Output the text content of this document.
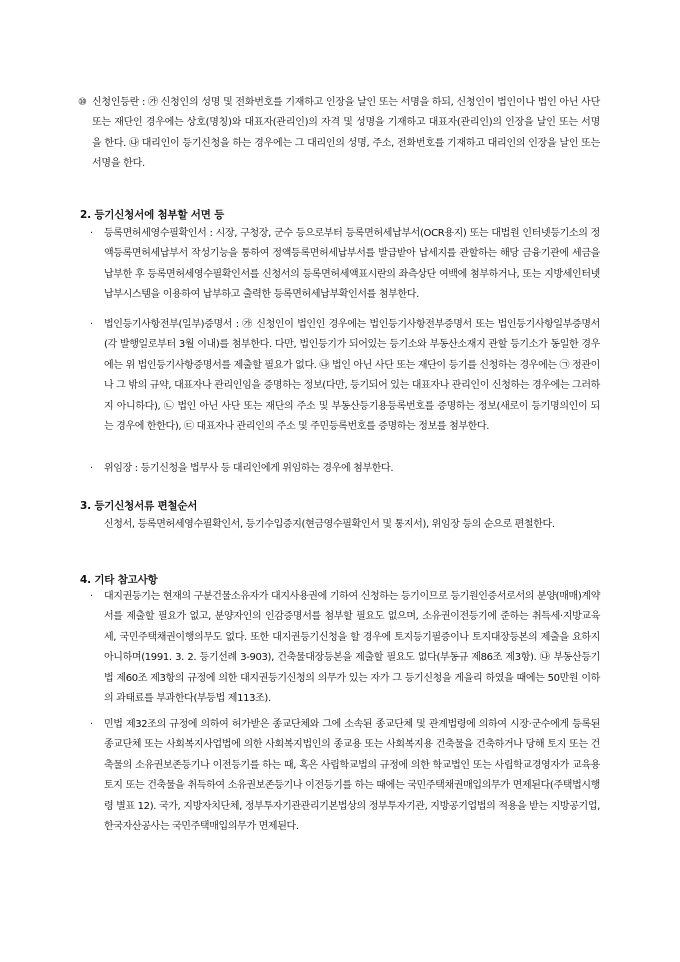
⑩ 신청인등란 : ㉮ 신청인의 성명 및 전화번호를 기재하고 인장을 날인 또는 서명을 하되, 신청인이 법인이나 법인 아닌 사단 또는 재단인 경우에는 상호(명칭)와 대표자(관리인)의 자격 및 성명을 기재하고 대표자(관리인)의 인장을 날인 또는 서명을 한다. ㉯ 대리인이 등기신청을 하는 경우에는 그 대리인의 성명, 주소, 전화번호를 기재하고 대리인의 인장을 날인 또는 서명을 한다.
2. 등기신청서에 첨부할 서면 등
· 등록면허세영수필확인서 : 시장, 구청장, 군수 등으로부터 등록면허세납부서(OCR용지) 또는 대법원 인터넷등기소의 정액등록면허세납부서 작성기능을 통하여 정액등록면허세납부서를 발급받아 납세지를 관할하는 해당 금융기관에 세금을 납부한 후 등록면허세영수필확인서를 신청서의 등록면허세액표시란의 좌측상단 여백에 첨부하거나, 또는 지방세인터넷납부시스템을 이용하여 납부하고 출력한 등록면허세납부확인서를 첨부한다.
· 법인등기사항전부(일부)증명서 : ㉮ 신청인이 법인인 경우에는 법인등기사항전부증명서 또는 법인등기사항일부증명서(각 발행일로부터 3월 이내)를 첨부한다. 다만, 법인등기가 되어있는 등기소와 부동산소재지 관할 등기소가 동일한 경우에는 위 법인등기사항증명서를 제출할 필요가 없다. ㉯ 법인 아닌 사단 또는 재단이 등기를 신청하는 경우에는 ㉠ 정관이나 그 밖의 규약, 대표자나 관리인임을 증명하는 정보(다만, 등기되어 있는 대표자나 관리인이 신청하는 경우에는 그러하지 아니하다), ㉡ 법인 아닌 사단 또는 재단의 주소 및 부동산등기용등록번호를 증명하는 정보(새로이 등기명의인이 되는 경우에 한한다), ㉢ 대표자나 관리인의 주소 및 주민등록번호를 증명하는 정보를 첨부한다.
· 위임장 : 등기신청을 법무사 등 대리인에게 위임하는 경우에 첨부한다.
3. 등기신청서류 편철순서
신청서, 등록면허세영수필확인서, 등기수입증지(현금영수필확인서 및 통지서), 위임장 등의 순으로 편철한다.
4. 기타 참고사항
· 대지권등기는 현재의 구분건물소유자가 대지사용권에 기하여 신청하는 등기이므로 등기원인증서로서의 분양(매매)계약서를 제출할 필요가 없고, 분양자인의 인감증명서를 첨부할 필요도 없으며, 소유권이전등기에 준하는 취득세·지방교육세, 국민주택채권이행의무도 없다. 또한 대지권등기신청을 할 경우에 토지등기필증이나 토지대장등본의 제출을 요하지 아니하며(1991. 3. 2. 등기선례 3-903), 건축물대장등본을 제출할 필요도 없다(부동규 제86조 제3항). ㉯ 부동산등기법 제60조 제3항의 규정에 의한 대지권등기신청의 의무가 있는 자가 그 등기신청을 게을리 하였을 때에는 50만원 이하의 과태료를 부과한다(부등법 제113조).
· 민법 제32조의 규정에 의하여 허가받은 종교단체와 그에 소속된 종교단체 및 관계법령에 의하여 시장·군수에게 등록된 종교단체 또는 사회복지사업법에 의한 사회복지법인의 종교용 또는 사회복지용 건축물을 건축하거나 당해 토지 또는 건축물의 소유권보존등기나 이전등기를 하는 때, 혹은 사립학교법의 규정에 의한 학교법인 또는 사립학교경영자가 교육용 토지 또는 건축물을 취득하여 소유권보존등기나 이전등기를 하는 때에는 국민주택채권매입의무가 면제된다(주택법시행령 별표 12). 국가, 지방자치단체, 정부투자기관관리기본법상의 정부투자기관, 지방공기업법의 적용을 받는 지방공기업, 한국자산공사는 국민주택매입의무가 면제된다.
